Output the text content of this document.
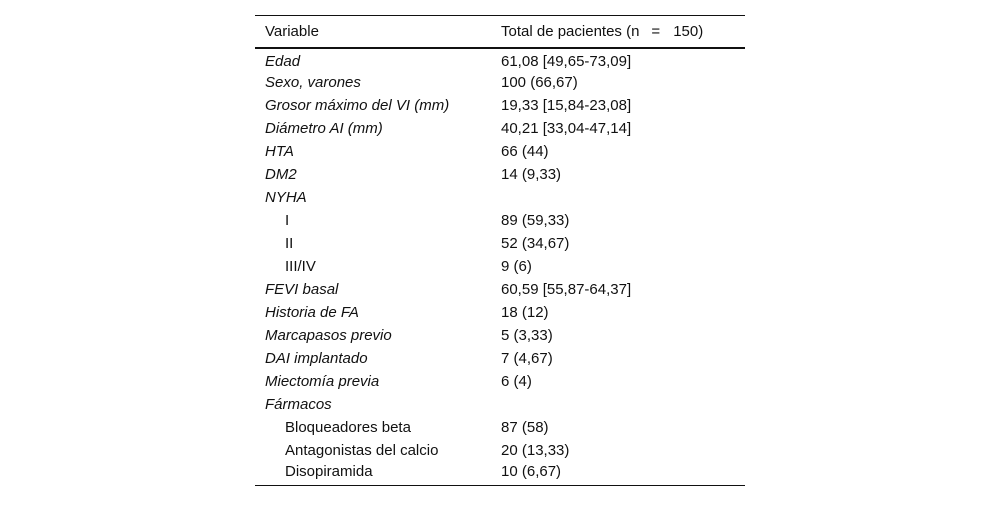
Variable	Total de pacientes (n = 150)
Edad	61,08 [49,65-73,09]
Sexo, varones	100 (66,67)
Grosor máximo del VI (mm)	19,33 [15,84-23,08]
Diámetro AI (mm)	40,21 [33,04-47,14]
HTA	66 (44)
DM2	14 (9,33)
NYHA	
I	89 (59,33)
II	52 (34,67)
III/IV	9 (6)
FEVI basal	60,59 [55,87-64,37]
Historia de FA	18 (12)
Marcapasos previo	5 (3,33)
DAI implantado	7 (4,67)
Miectomía previa	6 (4)
Fármacos	
Bloqueadores beta	87 (58)
Antagonistas del calcio	20 (13,33)
Disopiramida	10 (6,67)
